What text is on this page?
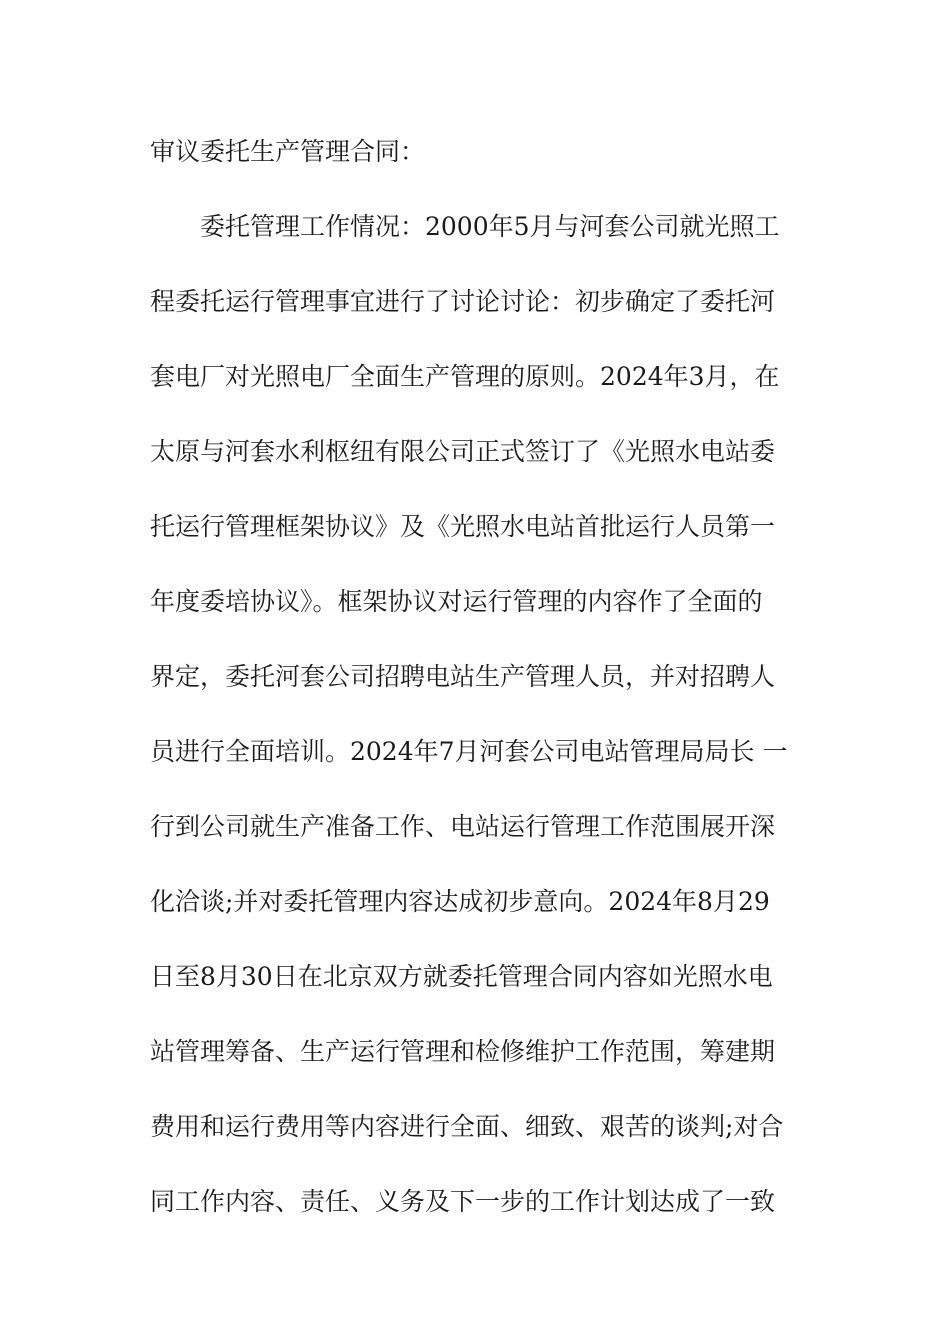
审议委托生产管理合同：
委托管理工作情况：2000年5月与河套公司就光照工
程委托运行管理事宜进行了讨论讨论：初步确定了委托河
套电厂对光照电厂全面生产管理的原则。2024年3月，在
太原与河套水利枢纽有限公司正式签订了《光照水电站委
托运行管理框架协议》及《光照水电站首批运行人员第一
年度委培协议》。框架协议对运行管理的内容作了全面的
界定，委托河套公司招聘电站生产管理人员，并对招聘人
员进行全面培训。2024年7月河套公司电站管理局局长 一
行到公司就生产准备工作、电站运行管理工作范围展开深
化洽谈;并对委托管理内容达成初步意向。2024年8月29
日至8月30日在北京双方就委托管理合同内容如光照水电
站管理筹备、生产运行管理和检修维护工作范围，筹建期
费用和运行费用等内容进行全面、细致、艰苦的谈判;对合
同工作内容、责任、义务及下一步的工作计划达成了一致
